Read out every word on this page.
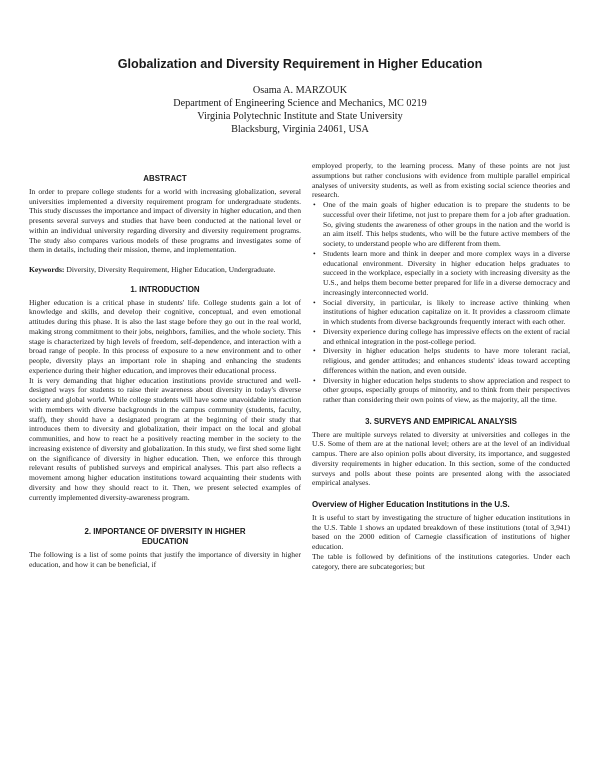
Globalization and Diversity Requirement in Higher Education
Osama A. MARZOUK
Department of Engineering Science and Mechanics, MC 0219
Virginia Polytechnic Institute and State University
Blacksburg, Virginia 24061, USA
ABSTRACT

In order to prepare college students for a world with increasing globalization, several universities implemented a diversity requirement program for undergraduate students. This study discusses the importance and impact of diversity in higher education, and then presents several surveys and studies that have been conducted at the national level or within an individual university regarding diversity and diversity requirement programs. The study also compares various models of these programs and investigates some of them in details, including their mission, theme, and implementation.

Keywords: Diversity, Diversity Requirement, Higher Education, Undergraduate.

1. INTRODUCTION

Higher education is a critical phase in students' life. College students gain a lot of knowledge and skills, and develop their cognitive, conceptual, and even emotional attitudes during this phase. It is also the last stage before they go out in the real world, making strong commitment to their jobs, neighbors, families, and the whole society. This stage is characterized by high levels of freedom, self-dependence, and interaction with a broad range of people. In this process of exposure to a new environment and to other people, diversity plays an important role in shaping and enhancing the students experience during their higher education, and improves their educational process.

It is very demanding that higher education institutions provide structured and well-designed ways for students to raise their awareness about diversity in today's diverse society and global world. While college students will have some unavoidable interaction with members with diverse backgrounds in the campus community (students, faculty, staff), they should have a designated program at the beginning of their study that introduces them to diversity and globalization, their impact on the local and global communities, and how to react he a positively reacting member in the society to the increasing existence of diversity and globalization. In this study, we first shed some light on the significance of diversity in higher education. Then, we enforce this through relevant results of published surveys and empirical analyses. This part also reflects a movement among higher education institutions toward acquainting their students with diversity and how they should react to it. Then, we present selected examples of currently implemented diversity-awareness program.

2. IMPORTANCE OF DIVERSITY IN HIGHER
EDUCATION

The following is a list of some points that justify the importance of diversity in higher education, and how it can be beneficial, if

employed properly, to the learning process. Many of these points are not just assumptions but rather conclusions with evidence from multiple parallel empirical analyses of university students, as well as from existing social science theories and research.

• One of the main goals of higher education is to prepare the students to be successful over their lifetime, not just to prepare them for a job after graduation. So, giving students the awareness of other groups in the nation and the world is an aim itself. This helps students, who will be the future active members of the society, to understand people who are different from them.
• Students learn more and think in deeper and more complex ways in a diverse educational environment. Diversity in higher education helps graduates to succeed in the workplace, especially in a society with increasing diversity as the U.S., and helps them become better prepared for life in a diverse democracy and increasingly interconnected world.
• Social diversity, in particular, is likely to increase active thinking when institutions of higher education capitalize on it. It provides a classroom climate in which students from diverse backgrounds frequently interact with each other.
• Diversity experience during college has impressive effects on the extent of racial and ethnical integration in the post-college period.
• Diversity in higher education helps students to have more tolerant racial, religious, and gender attitudes; and enhances students' ideas toward accepting differences within the nation, and even outside.
• Diversity in higher education helps students to show appreciation and respect to other groups, especially groups of minority, and to think from their perspectives rather than considering their own points of view, as the majority, all the time.
3. SURVEYS AND EMPIRICAL ANALYSIS

There are multiple surveys related to diversity at universities and colleges in the U.S. Some of them are at the national level; others are at the level of an individual campus. There are also opinion polls about diversity, its importance, and suggested diversity requirements in higher education. In this section, some of the conducted surveys and polls about these points are presented along with the associated empirical analyses.

Overview of Higher Education Institutions in the U.S.

It is useful to start by investigating the structure of higher education institutions in the U.S. Table 1 shows an updated breakdown of these institutions (total of 3,941) based on the 2000 edition of Carnegie classification of institutions of higher education.

The table is followed by definitions of the institutions categories. Under each category, there are subcategories; but
